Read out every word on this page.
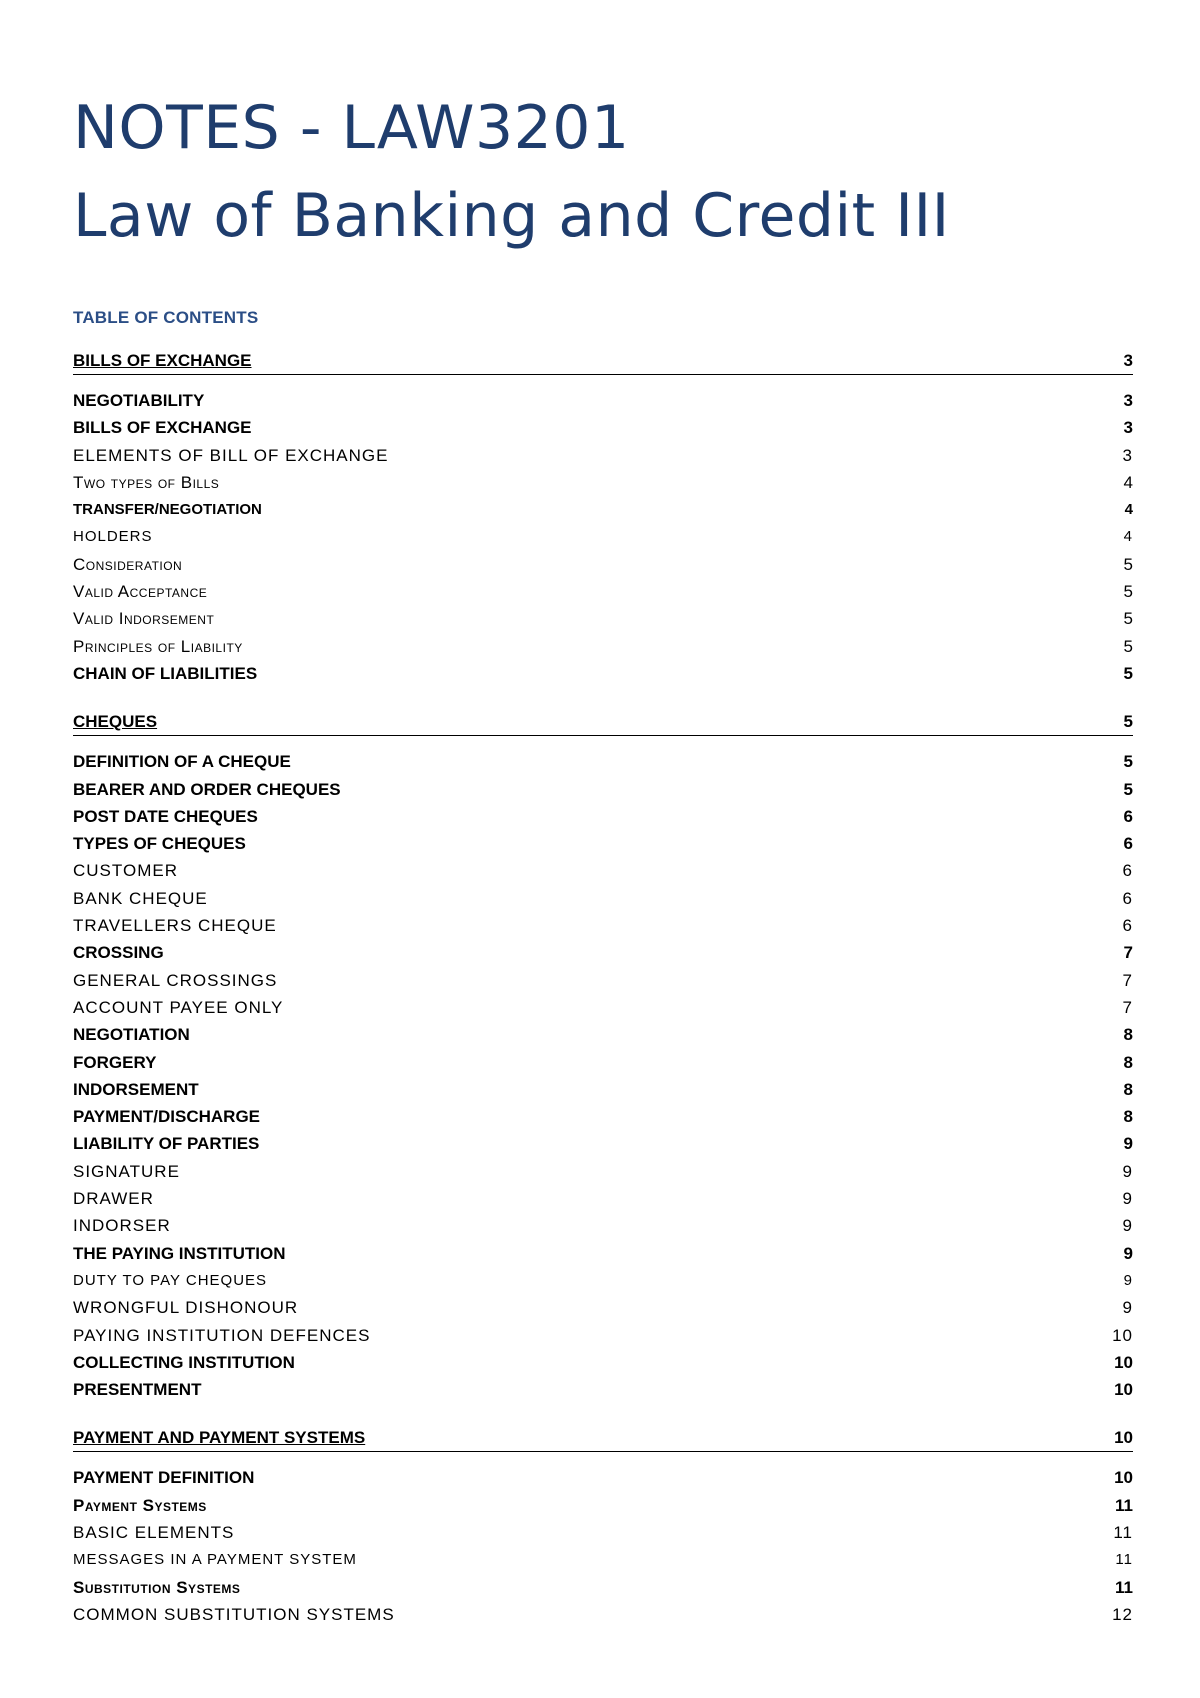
NOTES - LAW3201
Law of Banking and Credit III
TABLE OF CONTENTS
BILLS OF EXCHANGE	3
NEGOTIABILITY	3
BILLS OF EXCHANGE	3
ELEMENTS OF BILL OF EXCHANGE	3
Two types of Bills	4
TRANSFER/NEGOTIATION	4
HOLDERS	4
Consideration	5
Valid Acceptance	5
Valid Indorsement	5
Principles of Liability	5
CHAIN OF LIABILITIES	5
CHEQUES	5
DEFINITION OF A CHEQUE	5
BEARER AND ORDER CHEQUES	5
POST DATE CHEQUES	6
TYPES OF CHEQUES	6
CUSTOMER	6
BANK CHEQUE	6
TRAVELLERS CHEQUE	6
CROSSING	7
GENERAL CROSSINGS	7
ACCOUNT PAYEE ONLY	7
NEGOTIATION	8
FORGERY	8
INDORSEMENT	8
PAYMENT/DISCHARGE	8
LIABILITY OF PARTIES	9
SIGNATURE	9
DRAWER	9
INDORSER	9
THE PAYING INSTITUTION	9
DUTY TO PAY CHEQUES	9
WRONGFUL DISHONOUR	9
PAYING INSTITUTION DEFENCES	10
COLLECTING INSTITUTION	10
PRESENTMENT	10
PAYMENT AND PAYMENT SYSTEMS	10
PAYMENT DEFINITION	10
Payment Systems	11
BASIC ELEMENTS	11
MESSAGES IN A PAYMENT SYSTEM	11
Substitution Systems	11
COMMON SUBSTITUTION SYSTEMS	12
